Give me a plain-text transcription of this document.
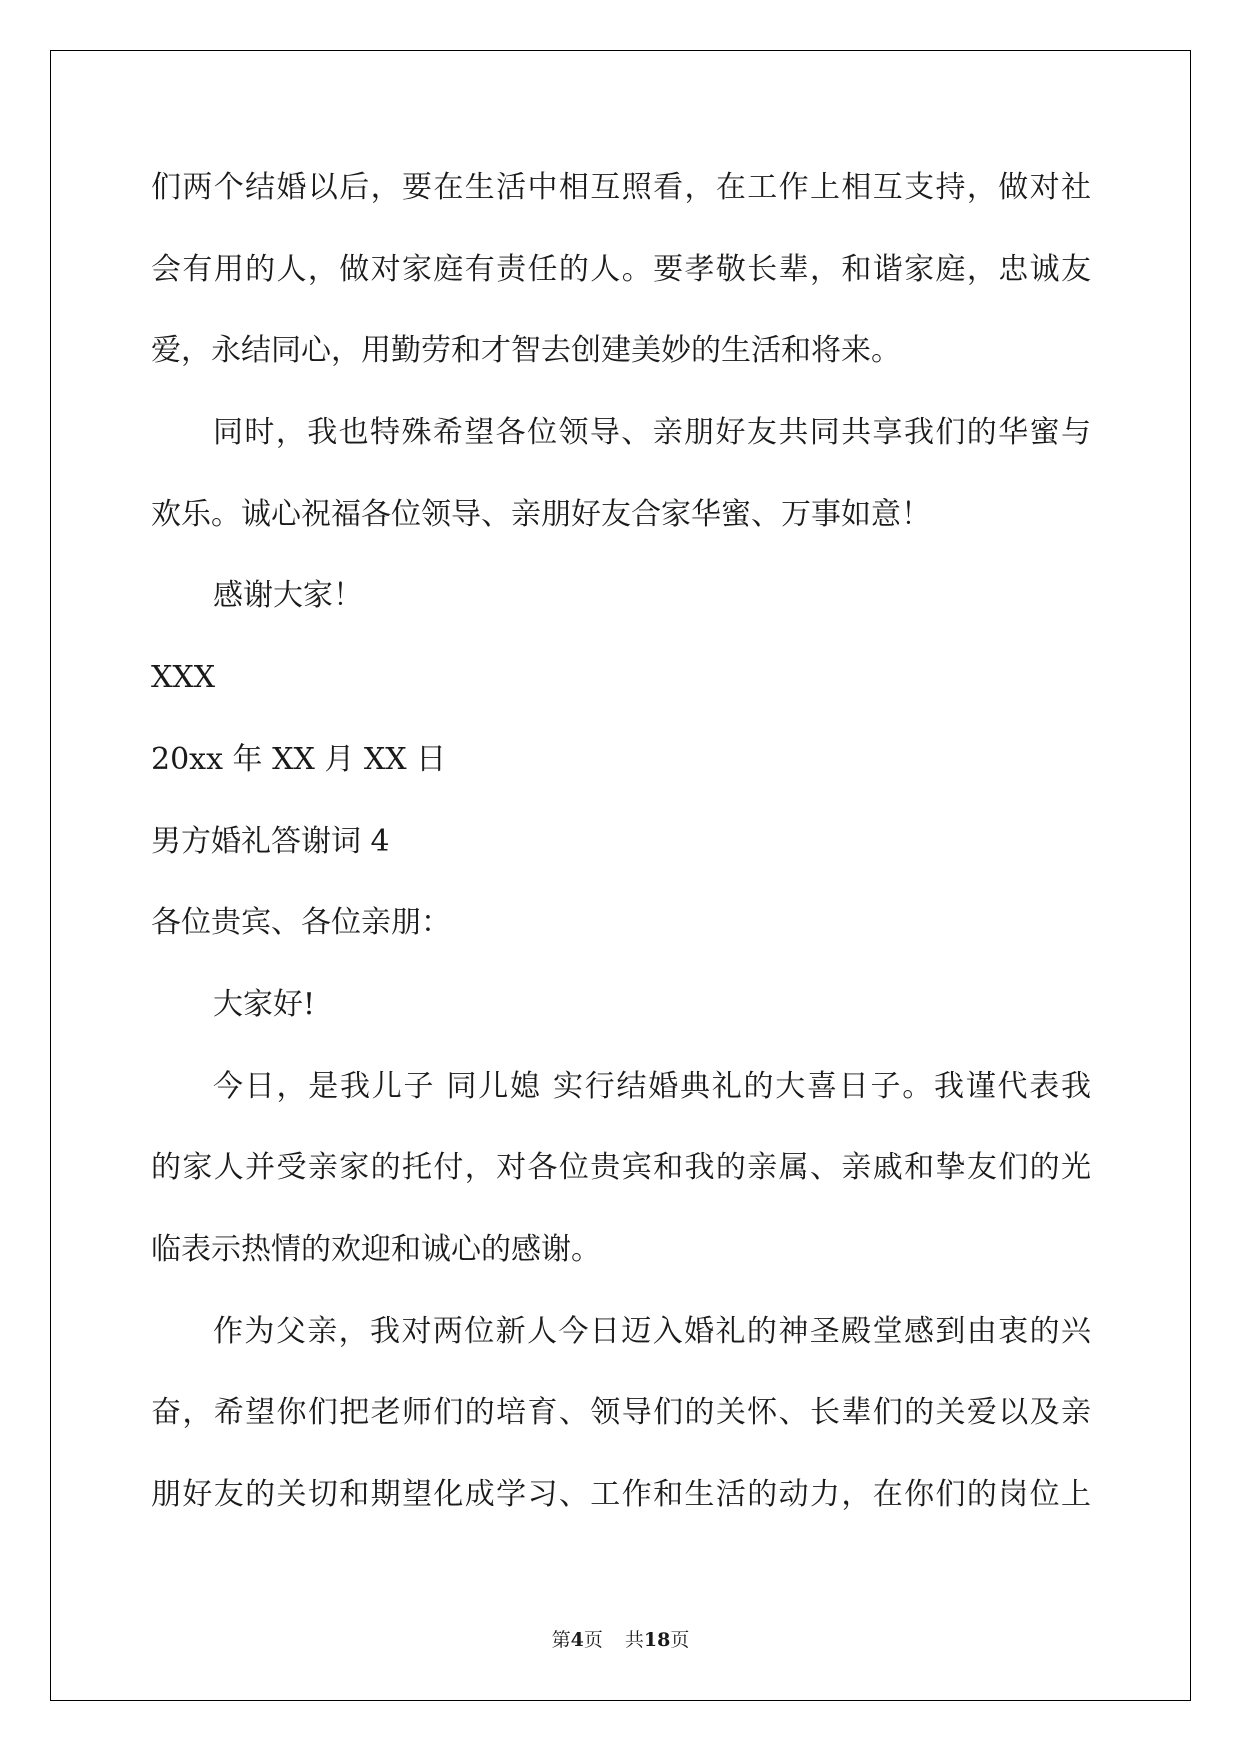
们两个结婚以后，要在生活中相互照看，在工作上相互支持，做对社
会有用的人，做对家庭有责任的人。要孝敬长辈，和谐家庭，忠诚友
爱，永结同心，用勤劳和才智去创建美妙的生活和将来。
同时，我也特殊希望各位领导、亲朋好友共同共享我们的华蜜与
欢乐。诚心祝福各位领导、亲朋好友合家华蜜、万事如意！
感谢大家！
XXX
20xx 年 XX 月 XX 日
男方婚礼答谢词 4
各位贵宾、各位亲朋：
大家好!
今日，是我儿子 同儿媳 实行结婚典礼的大喜日子。我谨代表我
的家人并受亲家的托付，对各位贵宾和我的亲属、亲戚和挚友们的光
临表示热情的欢迎和诚心的感谢。
作为父亲，我对两位新人今日迈入婚礼的神圣殿堂感到由衷的兴
奋，希望你们把老师们的培育、领导们的关怀、长辈们的关爱以及亲
朋好友的关切和期望化成学习、工作和生活的动力，在你们的岗位上
第4页 共18页
